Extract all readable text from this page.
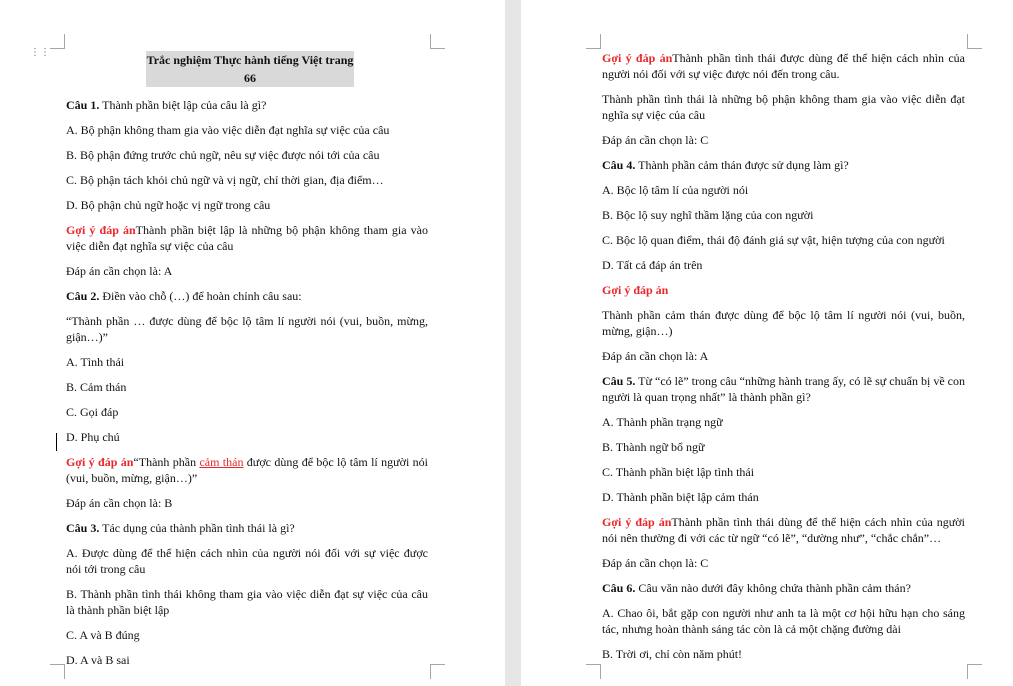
⋮⋮
Trắc nghiệm Thực hành tiếng Việt trang 66

Câu 1. Thành phần biệt lập của câu là gì?

A. Bộ phận không tham gia vào việc diễn đạt nghĩa sự việc của câu

B. Bộ phận đứng trước chủ ngữ, nêu sự việc được nói tới của câu

C. Bộ phận tách khỏi chủ ngữ và vị ngữ, chỉ thời gian, địa điểm…

D. Bộ phận chủ ngữ hoặc vị ngữ trong câu

Gợi ý đáp ánThành phần biệt lập là những bộ phận không tham gia vào việc diễn đạt nghĩa sự việc của câu

Đáp án cần chọn là: A

Câu 2. Điền vào chỗ (…) để hoàn chỉnh câu sau:

“Thành phần … được dùng để bộc lộ tâm lí người nói (vui, buồn, mừng, giận…)”

A. Tình thái

B. Cảm thán

C. Gọi đáp

D. Phụ chú

Gợi ý đáp án“Thành phần cảm thán được dùng để bộc lộ tâm lí người nói (vui, buồn, mừng, giận…)”

Đáp án cần chọn là: B

Câu 3. Tác dụng của thành phần tình thái là gì?

A. Được dùng để thể hiện cách nhìn của người nói đối với sự việc được nói tới trong câu

B. Thành phần tình thái không tham gia vào việc diễn đạt sự việc của câu là thành phần biệt lập

C. A và B đúng

D. A và B sai

Gợi ý đáp ánThành phần tình thái được dùng để thể hiện cách nhìn của người nói đối với sự việc được nói đến trong câu.

Thành phần tình thái là những bộ phận không tham gia vào việc diễn đạt nghĩa sự việc của câu

Đáp án cần chọn là: C

Câu 4. Thành phần cảm thán được sử dụng làm gì?

A. Bộc lộ tâm lí của người nói

B. Bộc lộ suy nghĩ thầm lặng của con người

C. Bộc lộ quan điểm, thái độ đánh giá sự vật, hiện tượng của con người

D. Tất cả đáp án trên

Gợi ý đáp án

Thành phần cảm thán được dùng để bộc lộ tâm lí người nói (vui, buồn, mừng, giận…)

Đáp án cần chọn là: A

Câu 5. Từ “có lẽ” trong câu “những hành trang ấy, có lẽ sự chuẩn bị về con người là quan trọng nhất” là thành phần gì?

A. Thành phần trạng ngữ

B. Thành ngữ bổ ngữ

C. Thành phần biệt lập tình thái

D. Thành phần biệt lập cảm thán

Gợi ý đáp ánThành phần tình thái dùng để thể hiện cách nhìn của người nói nên thường đi với các từ ngữ “có lẽ”, “dường như”, “chắc chắn”…

Đáp án cần chọn là: C

Câu 6. Câu văn nào dưới đây không chứa thành phần cảm thán?

A. Chao ôi, bắt gặp con người như anh ta là một cơ hội hữu hạn cho sáng tác, nhưng hoàn thành sáng tác còn là cả một chặng đường dài

B. Trời ơi, chỉ còn năm phút!
